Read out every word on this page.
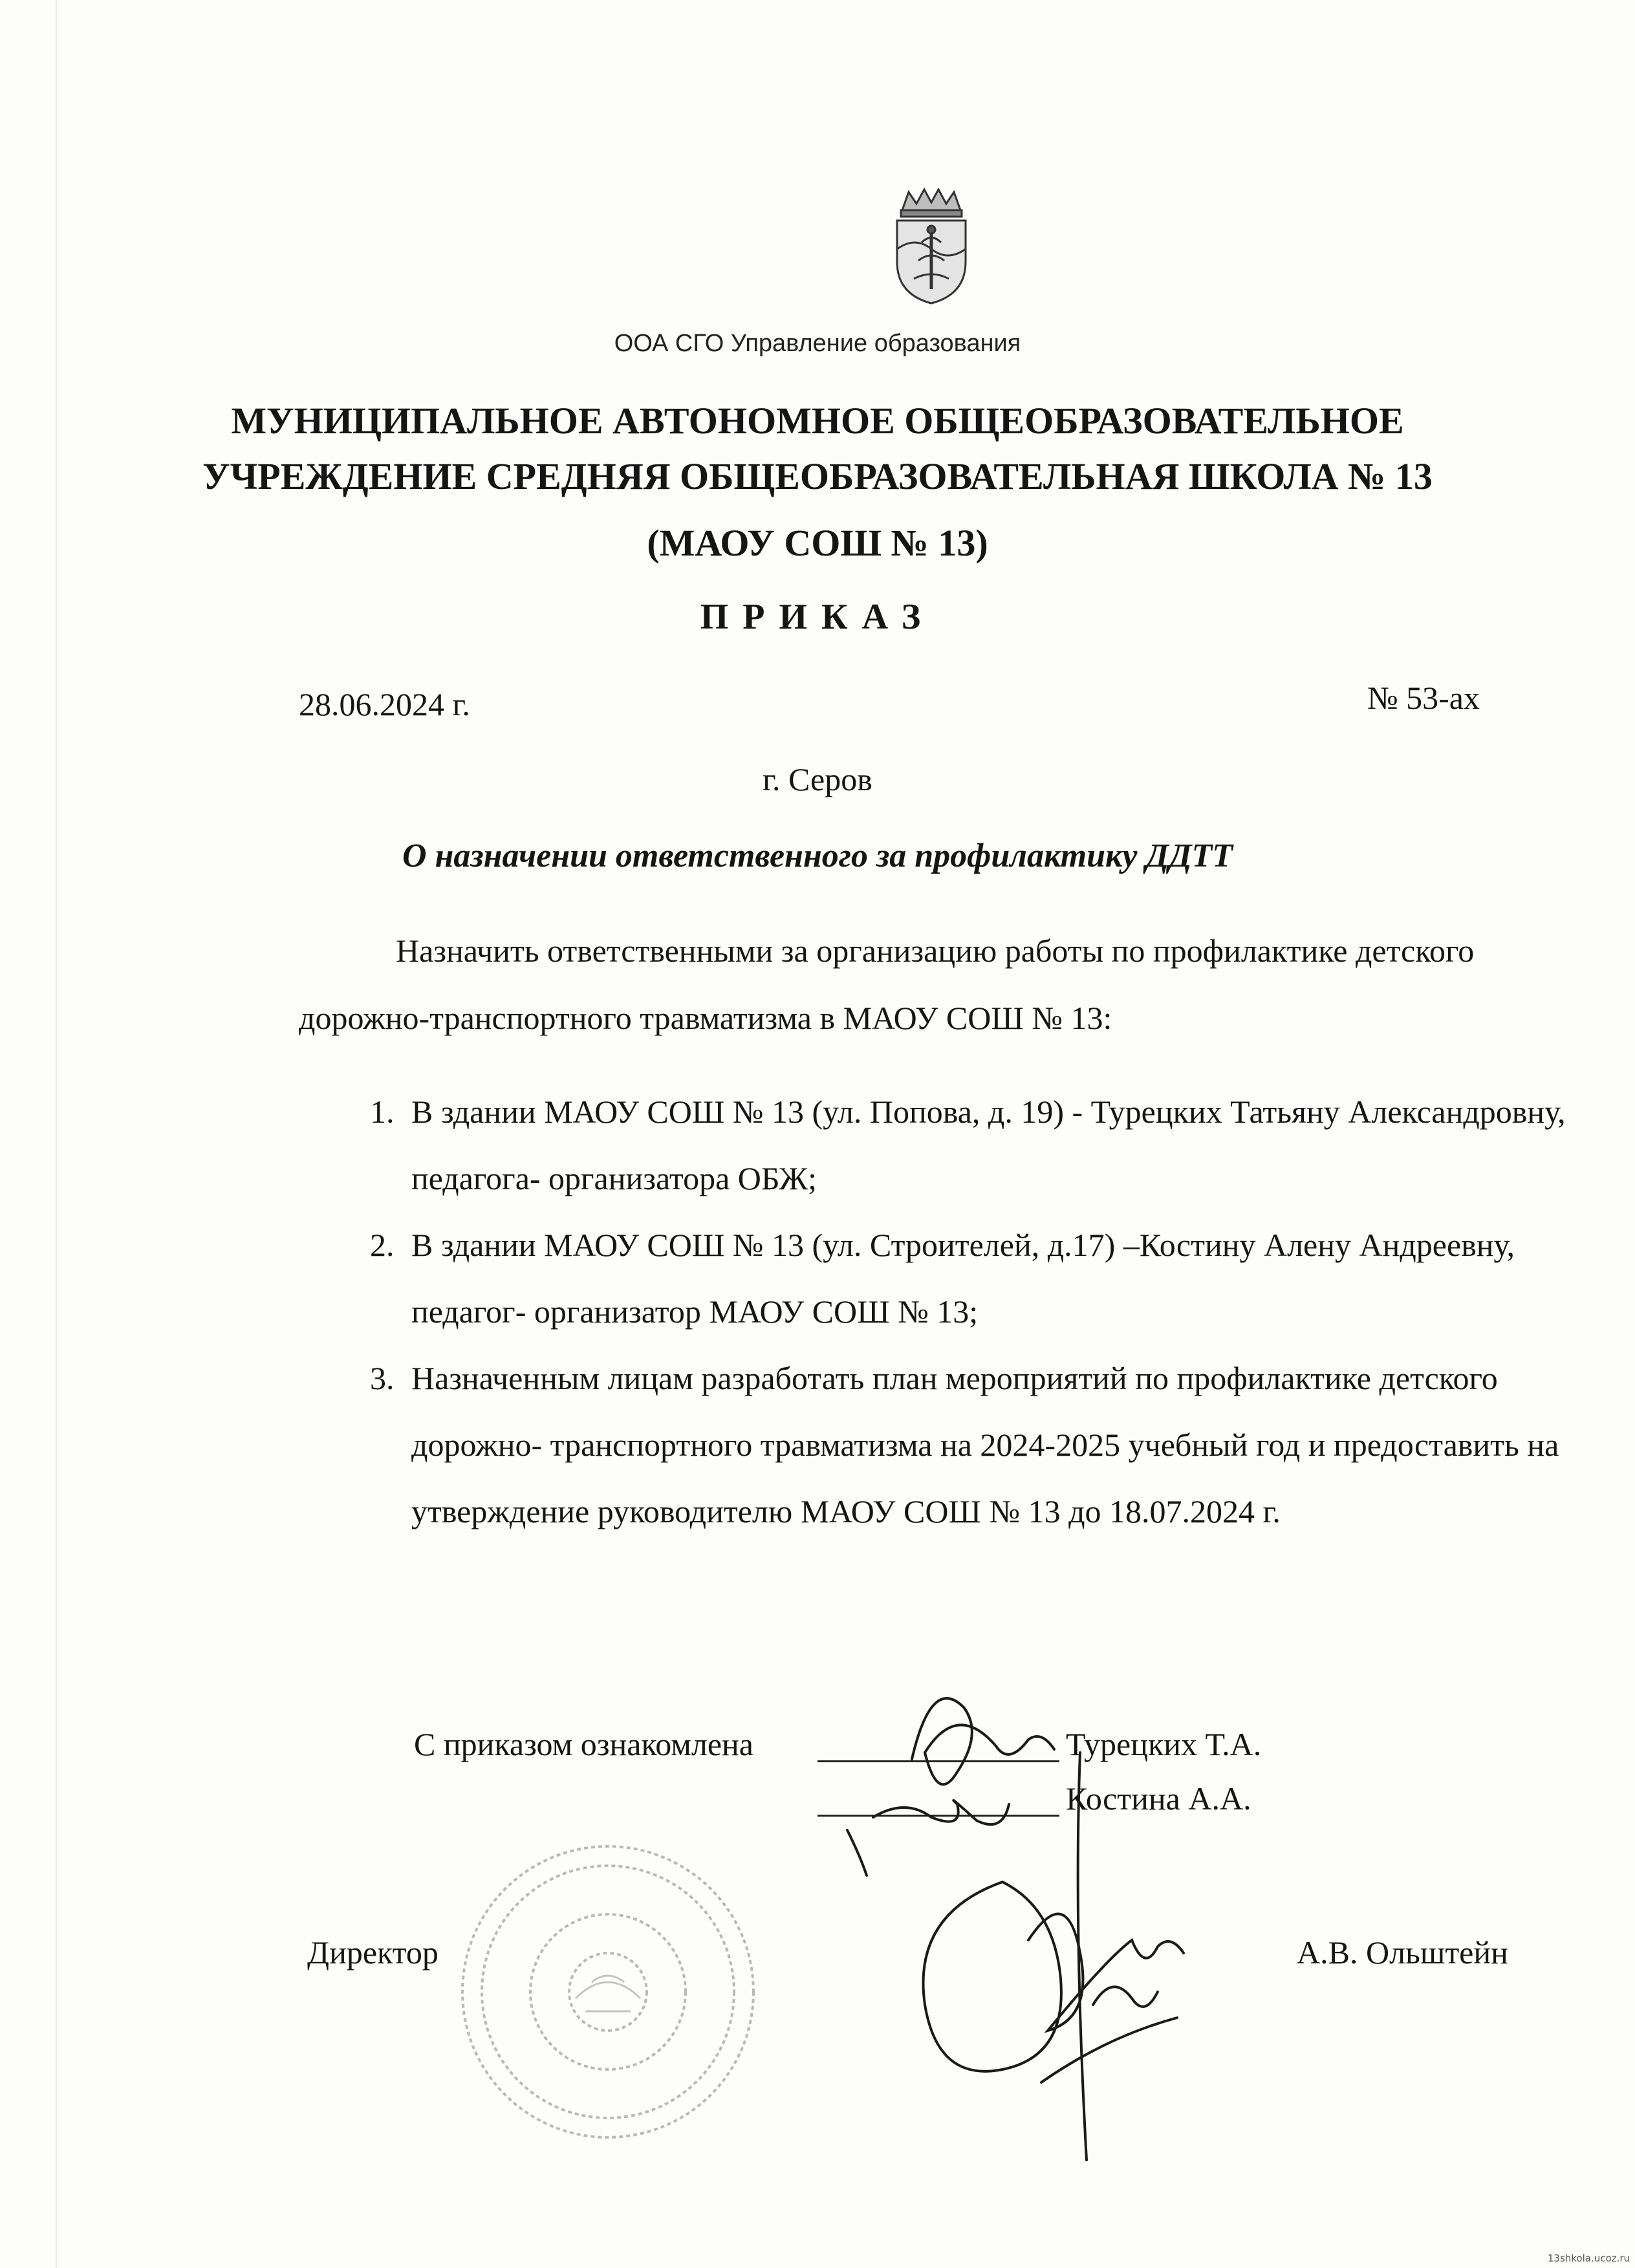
ООА СГО Управление образования
МУНИЦИПАЛЬНОЕ АВТОНОМНОЕ ОБЩЕОБРАЗОВАТЕЛЬНОЕ
УЧРЕЖДЕНИЕ СРЕДНЯЯ ОБЩЕОБРАЗОВАТЕЛЬНАЯ ШКОЛА № 13
(МАОУ СОШ № 13)
ПРИКАЗ
28.06.2024 г.	№ 53-ах
г. Серов
О назначении ответственного за профилактику ДДТТ
Назначить ответственными за организацию работы по профилактике детского дорожно-транспортного травматизма в МАОУ СОШ № 13:
1. В здании МАОУ СОШ № 13 (ул. Попова, д. 19) - Турецких Татьяну Александровну, педагога- организатора ОБЖ;
2. В здании МАОУ СОШ № 13 (ул. Строителей, д.17) –Костину Алену Андреевну, педагог- организатор МАОУ СОШ № 13;
3. Назначенным лицам разработать план мероприятий по профилактике детского дорожно- транспортного травматизма на 2024-2025 учебный год и предоставить на утверждение руководителю МАОУ СОШ № 13 до 18.07.2024 г.
С приказом ознакомлена	Турецких Т.А.
Костина А.А.
Директор	А.В. Ольштейн
13shkola.ucoz.ru
